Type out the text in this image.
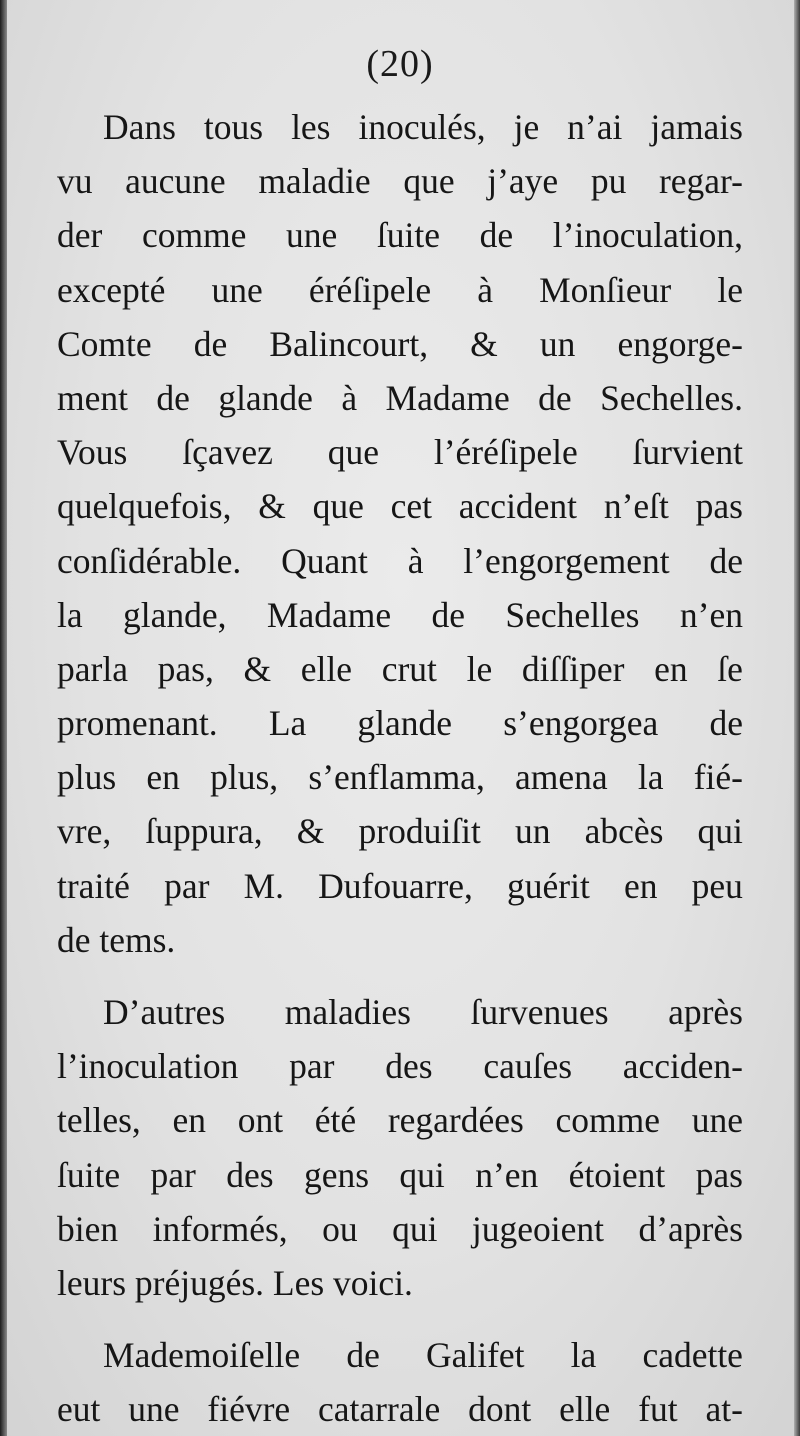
(20)
Dans tous les inoculés, je n’ai jamais
vu aucune maladie que j’aye pu regar-
der comme une ſuite de l’inoculation,
excepté une éréſipele à Monſieur le
Comte de Balincourt, & un engorge-
ment de glande à Madame de Sechelles.
Vous ſçavez que l’éréſipele ſurvient
quelquefois, & que cet accident n’eſt pas
conſidérable. Quant à l’engorgement de
la glande, Madame de Sechelles n’en
parla pas, & elle crut le diſſiper en ſe
promenant. La glande s’engorgea de
plus en plus, s’enflamma, amena la fié-
vre, ſuppura, & produiſit un abcès qui
traité par M. Dufouarre, guérit en peu
de tems.
D’autres maladies ſurvenues après
l’inoculation par des cauſes acciden-
telles, en ont été regardées comme une
ſuite par des gens qui n’en étoient pas
bien informés, ou qui jugeoient d’après
leurs préjugés. Les voici.
Mademoiſelle de Galifet la cadette
eut une fiévre catarrale dont elle fut at-
